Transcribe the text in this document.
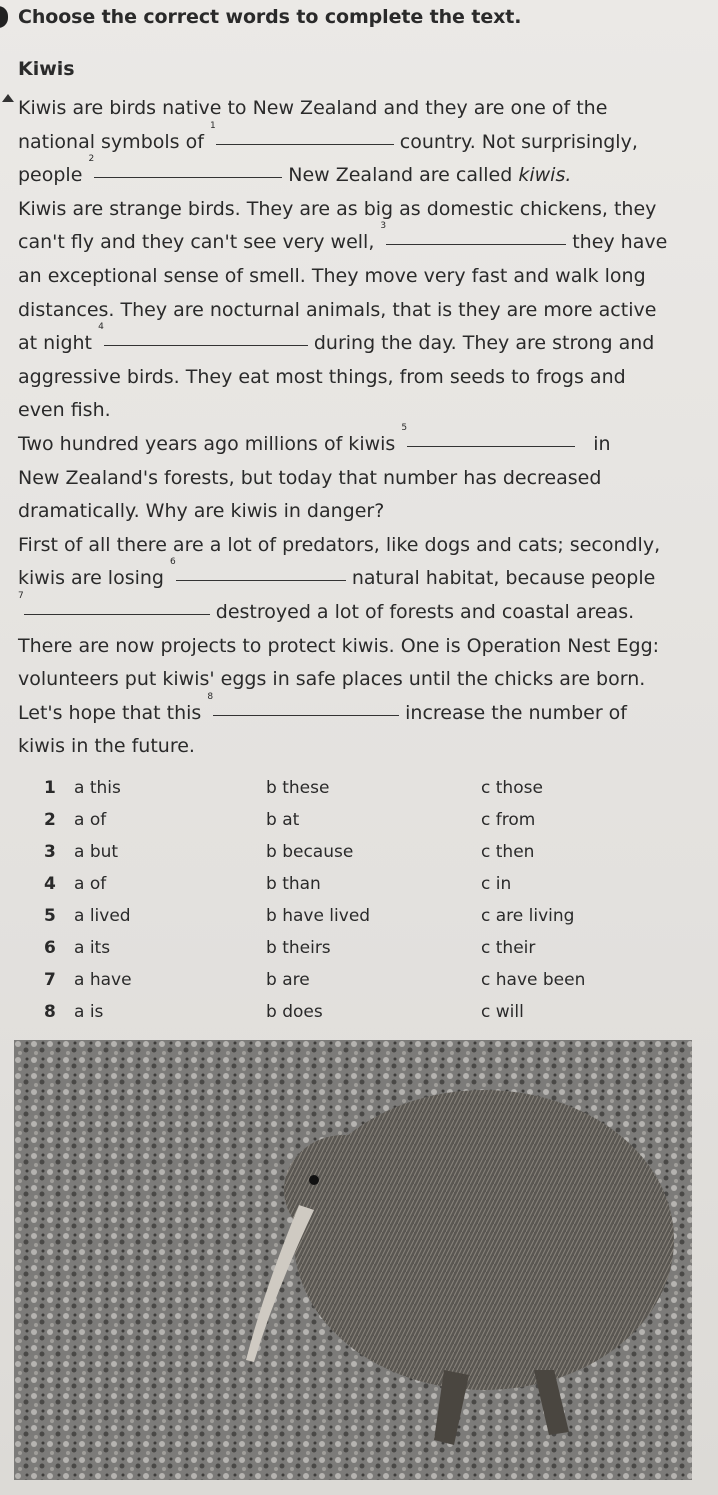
Choose the correct words to complete the text.
Kiwis
Kiwis are birds native to New Zealand and they are one of the
national symbols of

1

country. Not surprisingly,
people

2

New Zealand are called
kiwis.
Kiwis are strange birds. They are as big as domestic chickens, they
can't fly and they can't see very well,

3

they have
an exceptional sense of smell. They move very fast and walk long
distances. They are nocturnal animals, that is they are more active
at night

4

during the day. They are strong and
aggressive birds. They eat most things, from seeds to frogs and
even fish.
Two hundred years ago millions of kiwis

5

in
New Zealand's forests, but today that number has decreased
dramatically. Why are kiwis in danger?
First of all there are a lot of predators, like dogs and cats; secondly,
kiwis are losing

6

natural habitat, because people
7

destroyed a lot of forests and coastal areas.
There are now projects to protect kiwis. One is Operation Nest Egg:
volunteers put kiwis' eggs in safe places until the chicks are born.
Let's hope that this

8

increase the number of
kiwis in the future.
1 a this	b these	c those
2 a of	b at	c from
3 a but	b because	c then
4 a of	b than	c in
5 a lived	b have lived	c are living
6 a its	b theirs	c their
7 a have	b are	c have been
8 a is	b does	c will
